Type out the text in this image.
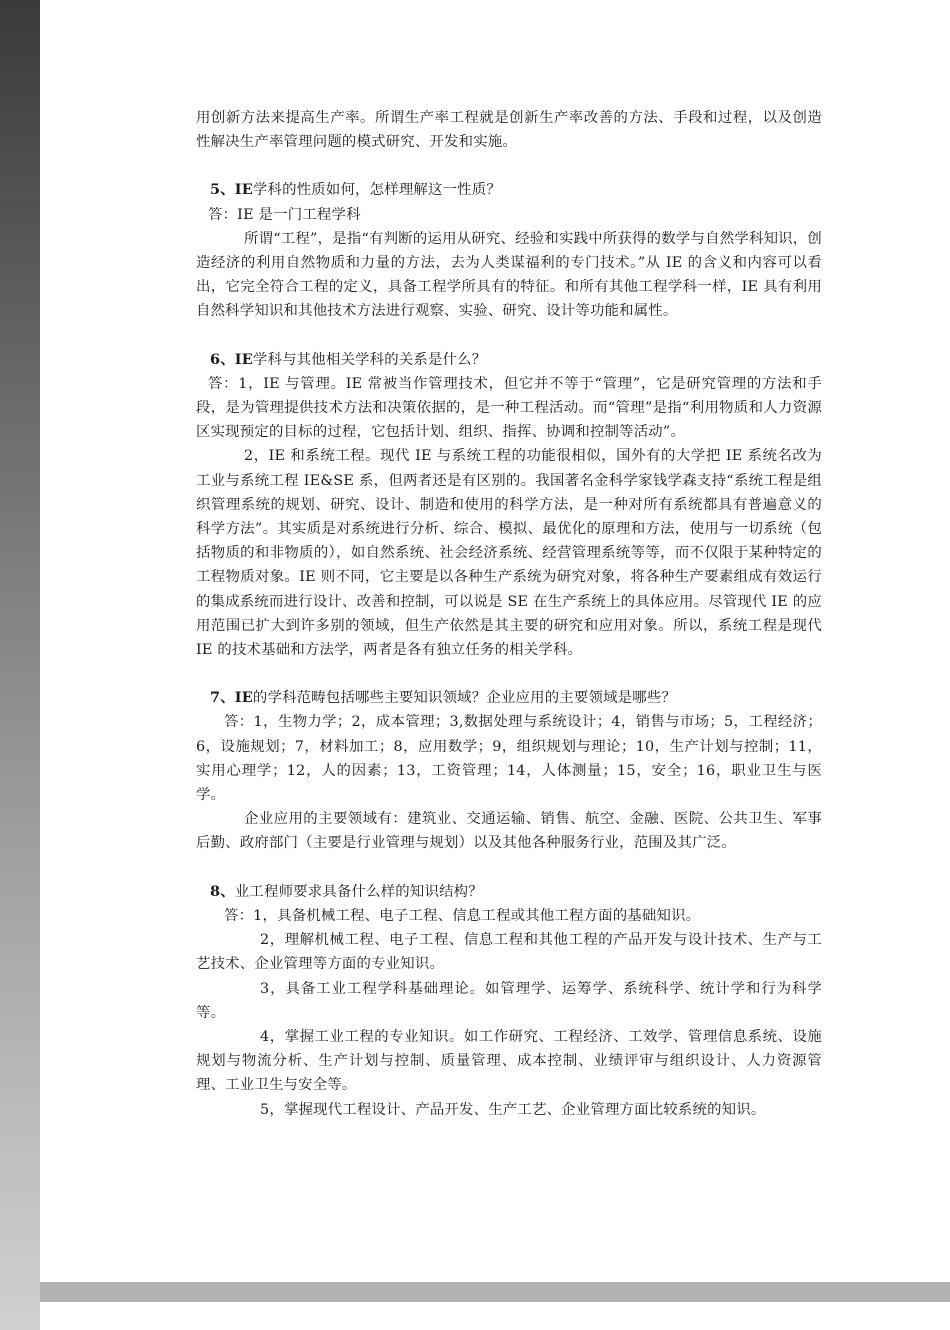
用创新方法来提高生产率。所谓生产率工程就是创新生产率改善的方法、手段和过程，以及创造性解决生产率管理问题的模式研究、开发和实施。

5、IE学科的性质如何，怎样理解这一性质？

答：IE 是一门工程学科

所谓“工程”，是指“有判断的运用从研究、经验和实践中所获得的数学与自然学科知识，创造经济的利用自然物质和力量的方法，去为人类谋福利的专门技术。”从 IE 的含义和内容可以看出，它完全符合工程的定义，具备工程学所具有的特征。和所有其他工程学科一样，IE 具有利用自然科学知识和其他技术方法进行观察、实验、研究、设计等功能和属性。

6、IE学科与其他相关学科的关系是什么？

答：1，IE 与管理。IE 常被当作管理技术，但它并不等于“管理”，它是研究管理的方法和手段，是为管理提供技术方法和决策依据的，是一种工程活动。而“管理”是指“利用物质和人力资源区实现预定的目标的过程，它包括计划、组织、指挥、协调和控制等活动”。

2，IE 和系统工程。现代 IE 与系统工程的功能很相似，国外有的大学把 IE 系统名改为工业与系统工程 IE&SE 系，但两者还是有区别的。我国著名金科学家钱学森支持“系统工程是组织管理系统的规划、研究、设计、制造和使用的科学方法，是一种对所有系统都具有普遍意义的科学方法”。其实质是对系统进行分析、综合、模拟、最优化的原理和方法，使用与一切系统（包括物质的和非物质的），如自然系统、社会经济系统、经营管理系统等等，而不仅限于某种特定的工程物质对象。IE 则不同，它主要是以各种生产系统为研究对象，将各种生产要素组成有效运行的集成系统而进行设计、改善和控制，可以说是 SE 在生产系统上的具体应用。尽管现代 IE 的应用范围已扩大到许多别的领域，但生产依然是其主要的研究和应用对象。所以，系统工程是现代 IE 的技术基础和方法学，两者是各有独立任务的相关学科。

7、IE的学科范畴包括哪些主要知识领域？企业应用的主要领域是哪些？

答：1，生物力学；2，成本管理；3,数据处理与系统设计；4，销售与市场；5，工程经济；6，设施规划；7，材料加工；8，应用数学；9，组织规划与理论；10，生产计划与控制；11，实用心理学；12，人的因素；13，工资管理；14，人体测量；15，安全；16，职业卫生与医学。

企业应用的主要领域有：建筑业、交通运输、销售、航空、金融、医院、公共卫生、军事后勤、政府部门（主要是行业管理与规划）以及其他各种服务行业，范围及其广泛。

8、业工程师要求具备什么样的知识结构？

答：1，具备机械工程、电子工程、信息工程或其他工程方面的基础知识。

2，理解机械工程、电子工程、信息工程和其他工程的产品开发与设计技术、生产与工艺技术、企业管理等方面的专业知识。

3，具备工业工程学科基础理论。如管理学、运筹学、系统科学、统计学和行为科学等。

4，掌握工业工程的专业知识。如工作研究、工程经济、工效学、管理信息系统、设施规划与物流分析、生产计划与控制、质量管理、成本控制、业绩评审与组织设计、人力资源管理、工业卫生与安全等。

5，掌握现代工程设计、产品开发、生产工艺、企业管理方面比较系统的知识。
